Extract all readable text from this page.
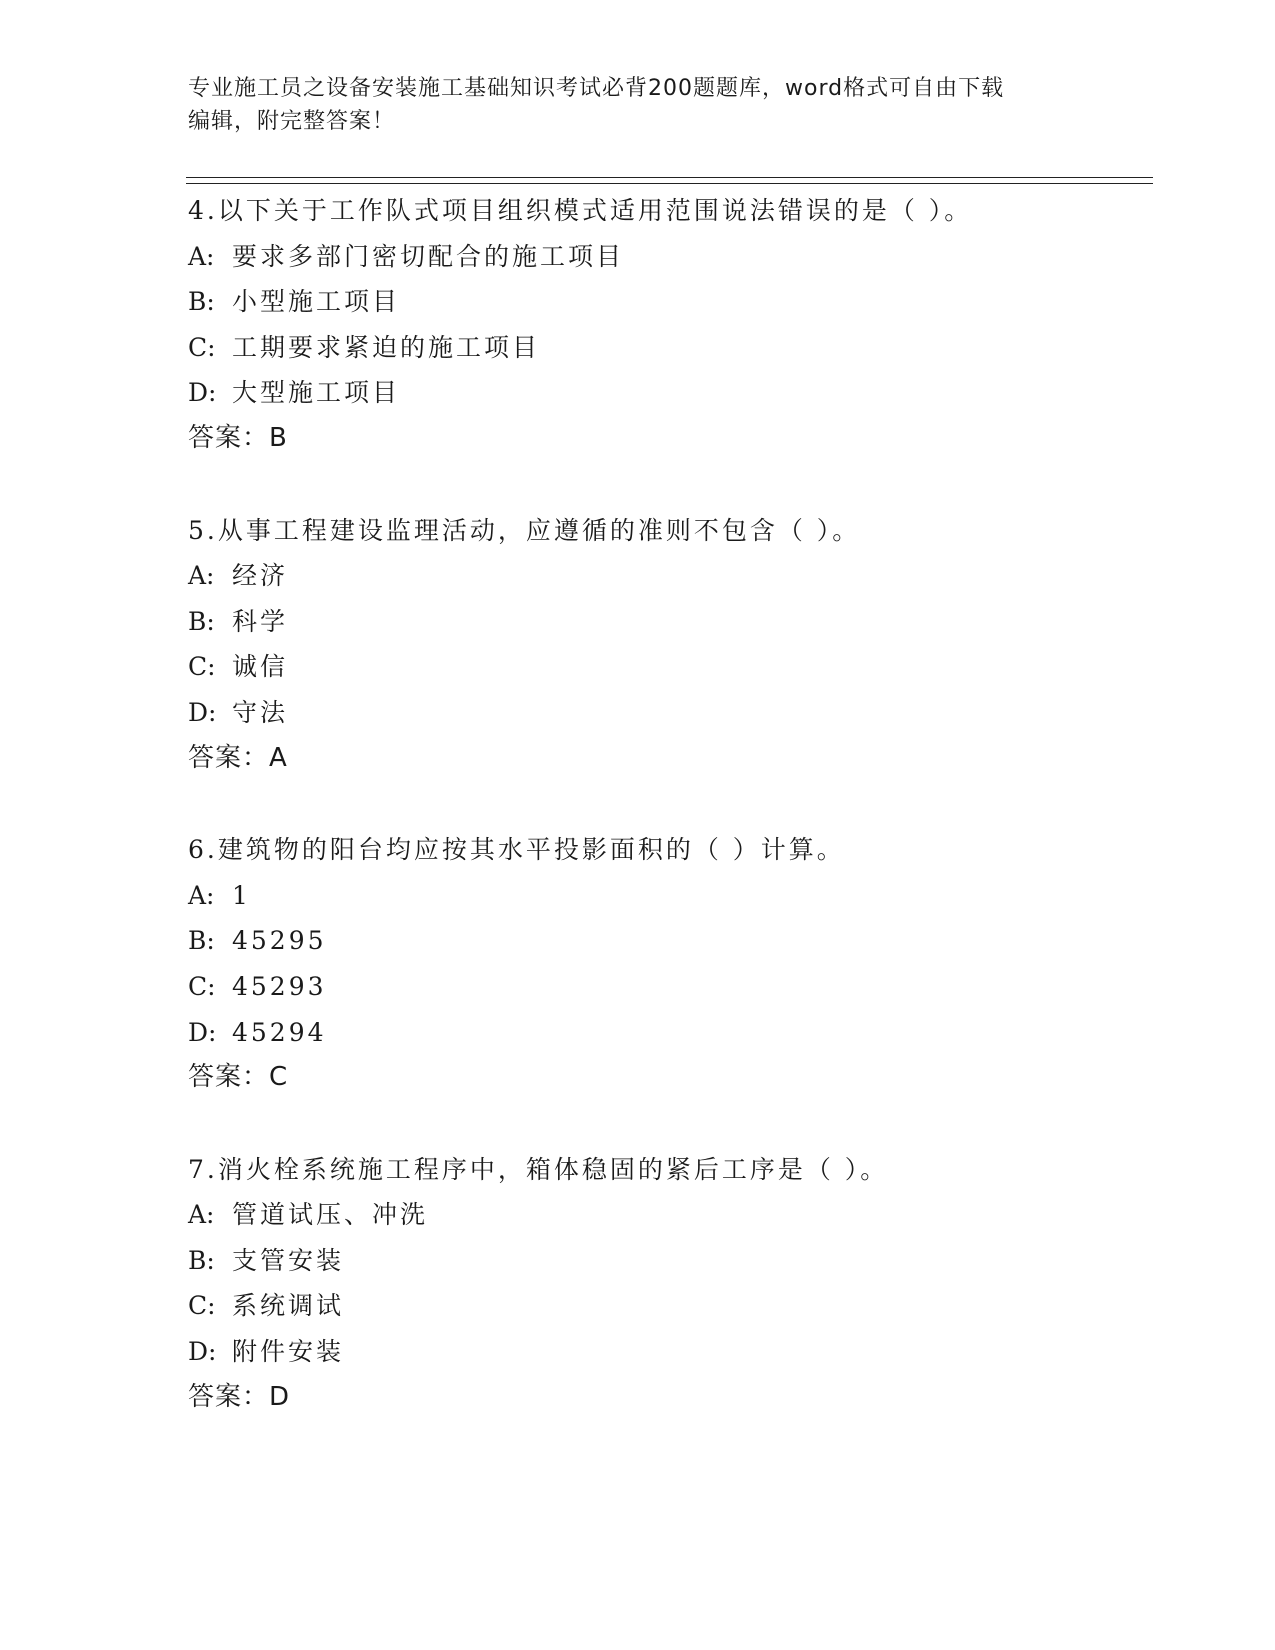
专业施工员之设备安装施工基础知识考试必背200题题库，word格式可自由下载
编辑，附完整答案！
4.以下关于工作队式项目组织模式适用范围说法错误的是（ ）。
A: 要求多部门密切配合的施工项目
B: 小型施工项目
C: 工期要求紧迫的施工项目
D: 大型施工项目
答案：B
5.从事工程建设监理活动，应遵循的准则不包含（ ）。
A: 经济
B: 科学
C: 诚信
D: 守法
答案：A
6.建筑物的阳台均应按其水平投影面积的（ ）计算。
A: 1
B: 45295
C: 45293
D: 45294
答案：C
7.消火栓系统施工程序中，箱体稳固的紧后工序是（ ）。
A: 管道试压、冲洗
B: 支管安装
C: 系统调试
D: 附件安装
答案：D
